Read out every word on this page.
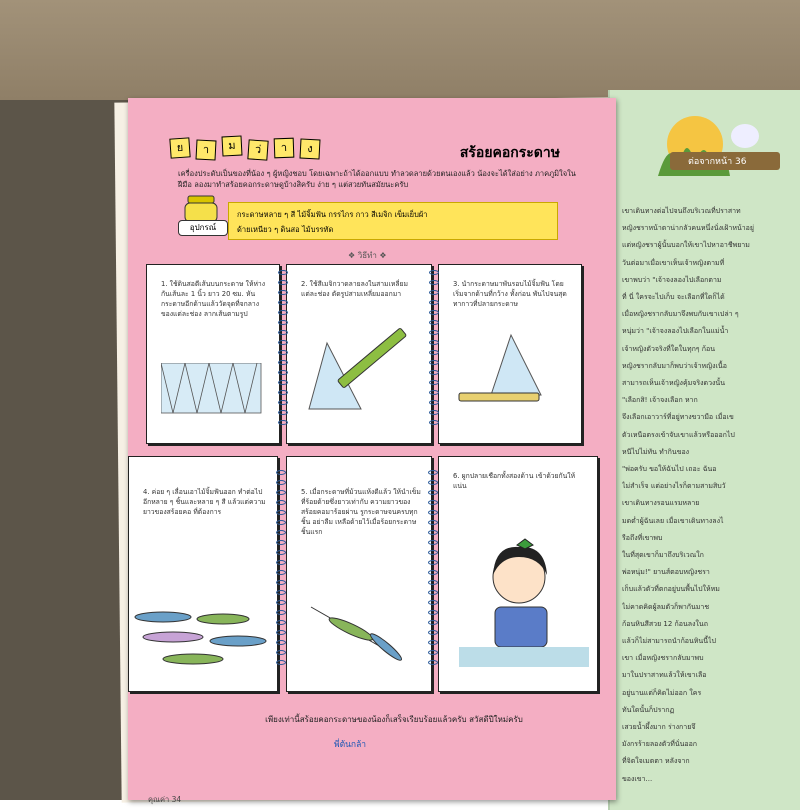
ต่อจากหน้า 36
เขาเดินทางต่อไปจนถึงบริเวณที่ปราสาท
หญิงชราหน้าตาน่ากลัวคนหนึ่งนั่งเฝ้าหน้าอยู่
แต่หญิงชราผู้นั้นบอกให้เขาไปหาอาชีพยาม
วันต่อมาเมื่อเขาเห็นเจ้าหญิงตามที่
เขาพบว่า "เจ้าจงลองไปเลือกตาม
ที่ นี่ ใครจะไปเก็บ จะเลือกที่ใดก็ได้
เมื่อหญิงชรากลับมาจึงพบกับเขาเปล่า ๆ
หนุ่มว่า "เจ้าจงลองไปเลือกในแม่น้ำ
เจ้าหญิงตัวจริงที่ใดในทุกๆ ก้อน
หญิงชรากลับมาก็พบว่าเจ้าหญิงเนื้อ
สามารถเห็นเจ้าหญิงคุ้มจริงดวงนั้น
"เลือกสิ! เจ้าจงเลือก หาก
จึงเลือกเอาวาร์ที่อยู่ทางขวามือ เมื่อเข
ตัวเหนือตรงเข้าจับเขาแล้วหรือออกไป
หนีไปไม่ทัน ทำกินของ
"พ่อครับ ขอให้ฉันไป เถอะ ฉันอ
ไม่สำเร็จ แต่อย่างไรก็ตามสามสิบวั
เขาเดินทางรอนแรมหลาย
มดต่ำผู้ฉันเลย เมื่อเขาเดินทางลงไ
รือถึงที่เขาพบ
ในที่สุดเขาก็มาถึงบริเวณใก
พ่อหนุ่ม!" ยานส์ตอบหญิงชรา
เก็บแล้วตัวที่ตกอยู่บนพื้นไปให้หม
ไม่คาดคิดผู้ลมตัวก็พากันมาช
ก้อนหินสีสวย 12 ก้อนลงในถ
แล้วก็ไม่สามารถนำก้อนหินนี้ไป
เขา เมื่อหญิงชรากลับมาพบ
มาในปราสาทแล้วให้เขาเลือ
อยู่นานแต่ก็คิดไม่ออก ใคร
ทันใดนั้นก็ปรากฏ
เสวยน้ำผึ้งมาก ร่างกายจึ
มังกรร้ายลองตัวที่นั่นออก
ที่จิตใจเมตตา หลังจาก
ของเขา...
ย	า	ม	ว่	า	ง	สร้อยคอกระดาษ
เครื่องประดับเป็นของที่น้อง ๆ ผู้หญิงชอบ โดยเฉพาะถ้าได้ออกแบบ ทำลวดลายด้วยตนเองแล้ว น้องจะได้ใส่อย่าง ภาคภูมิใจในฝีมือ ลองมาทำสร้อยคอกระดาษดูบ้างสิครับ ง่าย ๆ แต่สวยทันสมัยนะครับ
อุปกรณ์
กระดาษหลาย ๆ สี ไม้จิ้มฟัน กรรไกร กาว สีเมจิก เข็มเย็บผ้า
ด้ายเหนียว ๆ ดินสอ ไม้บรรทัด
❖ วิธีทำ ❖
1. ใช้ดินสอตีเส้นบนกระดาษ ให้ห่างกันเส้นละ 1 นิ้ว ยาว 20 ซม. หันกระดาษอีกด้านแล้ววัดจุดที่จกลาง ของแต่ละช่อง ลากเส้นตามรูป
2. ใช้สีเมจิกวาดลายลงในสามเหลี่ยม แต่ละช่อง ตัดรูปสามเหลี่ยมออกมา
3. นำกระดาษมาพันรอบไม้จิ้มฟัน โดยเริ่มจากด้านที่กว้าง ทั้งก่อน พันไปจนสุด ทากาวที่ปลายกระดาษ
4. ค่อย ๆ เลื่อนเอาไม้จิ้มฟันออก ทำต่อไปอีกหลาย ๆ ชิ้นและหลาย ๆ สี แล้วแต่ความยาวของสร้อยคอ ที่ต้องการ
5. เมื่อกระดาษที่ม้วนแห้งดีแล้ว ให้นำเข็มที่ร้อยด้ายซึ่งยาวเท่ากับ ความยาวของสร้อยคอมาร้อยผ่าน รูกระดาษจนครบทุกชิ้น อย่าลืม เหลือด้ายไว้เมื่อร้อยกระดาษชิ้นแรก
6. ผูกปลายเชือกทั้งสองด้าน เข้าด้วยกันให้แน่น
เพียงเท่านี้สร้อยคอกระดาษของน้องก็เสร็จเรียบร้อยแล้วครับ สวัสดีปีใหม่ครับ
พี่ต้นกล้า
คุณค่า 34
